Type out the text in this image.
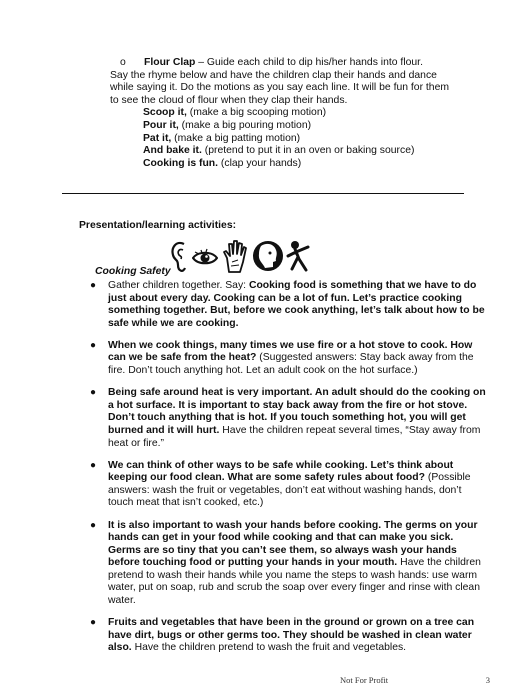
o Flour Clap – Guide each child to dip his/her hands into flour.
Say the rhyme below and have the children clap their hands and dance while saying it. Do the motions as you say each line. It will be fun for them to see the cloud of flour when they clap their hands.
Scoop it, (make a big scooping motion)
Pour it, (make a big pouring motion)
Pat it, (make a big patting motion)
And bake it. (pretend to put it in an oven or baking source)
Cooking is fun. (clap your hands)
Presentation/learning activities:
Cooking Safety
● Gather children together. Say: Cooking food is something that we have to do just about every day. Cooking can be a lot of fun. Let’s practice cooking something together. But, before we cook anything, let’s talk about how to be safe while we are cooking.
● When we cook things, many times we use fire or a hot stove to cook. How can we be safe from the heat? (Suggested answers: Stay back away from the fire. Don’t touch anything hot. Let an adult cook on the hot surface.)
● Being safe around heat is very important. An adult should do the cooking on a hot surface. It is important to stay back away from the fire or hot stove. Don’t touch anything that is hot. If you touch something hot, you will get burned and it will hurt. Have the children repeat several times, “Stay away from heat or fire.”
● We can think of other ways to be safe while cooking. Let’s think about keeping our food clean. What are some safety rules about food? (Possible answers: wash the fruit or vegetables, don’t eat without washing hands, don’t touch meat that isn’t cooked, etc.)
● It is also important to wash your hands before cooking. The germs on your hands can get in your food while cooking and that can make you sick. Germs are so tiny that you can’t see them, so always wash your hands before touching food or putting your hands in your mouth. Have the children pretend to wash their hands while you name the steps to wash hands: use warm water, put on soap, rub and scrub the soap over every finger and rinse with clean water.
● Fruits and vegetables that have been in the ground or grown on a tree can have dirt, bugs or other germs too. They should be washed in clean water also. Have the children pretend to wash the fruit and vegetables.
Not For Profit	3
